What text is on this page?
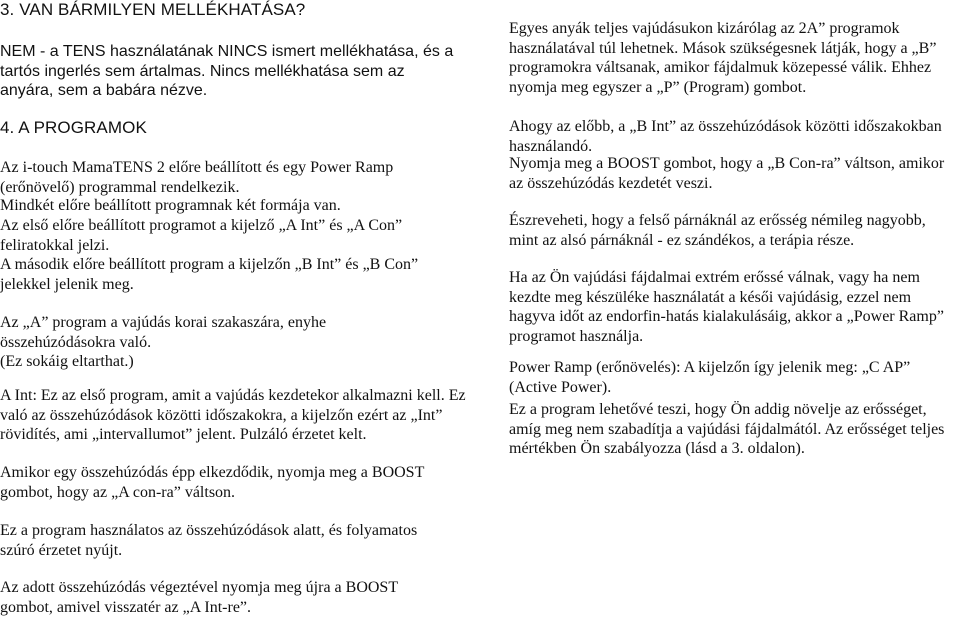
3. VAN BÁRMILYEN MELLÉKHATÁSA?

NEM - a TENS használatának NINCS ismert mellékhatása, és a tartós ingerlés sem ártalmas. Nincs mellékhatása sem az anyára, sem a babára nézve.

4. A PROGRAMOK

Az i-touch MamaTENS 2 előre beállított és egy Power Ramp (erőnövelő) programmal rendelkezik.

Mindkét előre beállított programnak két formája van.

Az első előre beállított programot a kijelző „A Int” és „A Con” feliratokkal jelzi.

A második előre beállított program a kijelzőn „B Int” és „B Con” jelekkel jelenik meg.

Az „A” program a vajúdás korai szakaszára, enyhe összehúzódásokra való.

(Ez sokáig eltarthat.)

A Int: Ez az első program, amit a vajúdás kezdetekor alkalmazni kell. Ez való az összehúzódások közötti időszakokra, a kijelzőn ezért az „Int” rövidítés, ami „intervallumot” jelent. Pulzáló érzetet kelt.

Amikor egy összehúzódás épp elkezdődik, nyomja meg a BOOST gombot, hogy az „A con-ra” váltson.

Ez a program használatos az összehúzódások alatt, és folyamatos szúró érzetet nyújt.

Az adott összehúzódás végeztével nyomja meg újra a BOOST gombot, amivel visszatér az „A Int-re”.

Egyes anyák teljes vajúdásukon kizárólag az 2A” programok használatával túl lehetnek. Mások szükségesnek látják, hogy a „B” programokra váltsanak, amikor fájdalmuk közepessé válik. Ehhez nyomja meg egyszer a „P” (Program) gombot.

Ahogy az előbb, a „B Int” az összehúzódások közötti időszakokban használandó.

Nyomja meg a BOOST gombot, hogy a „B Con-ra” váltson, amikor az összehúzódás kezdetét veszi.

Észreveheti, hogy a felső párnáknál az erősség némileg nagyobb, mint az alsó párnáknál - ez szándékos, a terápia része.

Ha az Ön vajúdási fájdalmai extrém erőssé válnak, vagy ha nem kezdte meg készüléke használatát a késői vajúdásig, ezzel nem hagyva időt az endorfin-hatás kialakulásáig, akkor a „Power Ramp” programot használja.

Power Ramp (erőnövelés): A kijelzőn így jelenik meg: „C AP” (Active Power).

Ez a program lehetővé teszi, hogy Ön addig növelje az erősséget, amíg meg nem szabadítja a vajúdási fájdalmától. Az erősséget teljes mértékben Ön szabályozza (lásd a 3. oldalon).
